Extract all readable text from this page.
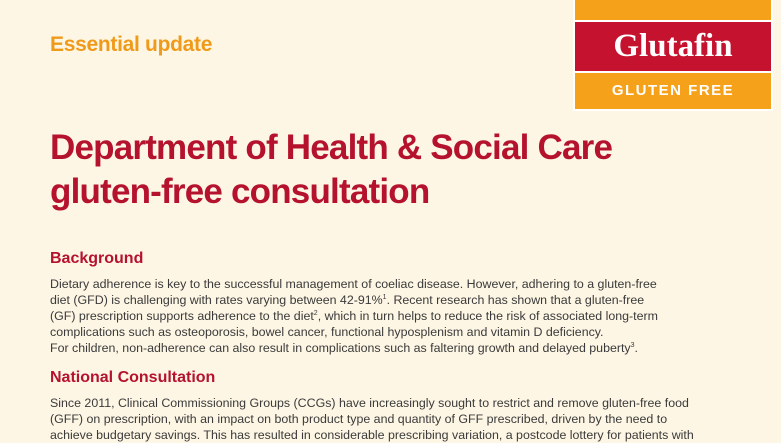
Essential update	Glutafin
GLUTEN FREE
Department of Health & Social Care
gluten-free consultation
Background
Dietary adherence is key to the successful management of coeliac disease. However, adhering to a gluten-free
diet (GFD) is challenging with rates varying between 42-91%$^1$. Recent research has shown that a gluten-free
(GF) prescription supports adherence to the diet$^2$, which in turn helps to reduce the risk of associated long-term
complications such as osteoporosis, bowel cancer, functional hyposplenism and vitamin D deficiency.
For children, non-adherence can also result in complications such as faltering growth and delayed puberty$^3$.
National Consultation
Since 2011, Clinical Commissioning Groups (CCGs) have increasingly sought to restrict and remove gluten-free food
(GFF) on prescription, with an impact on both product type and quantity of GFF prescribed, driven by the need to
achieve budgetary savings. This has resulted in considerable prescribing variation, a postcode lottery for patients with
